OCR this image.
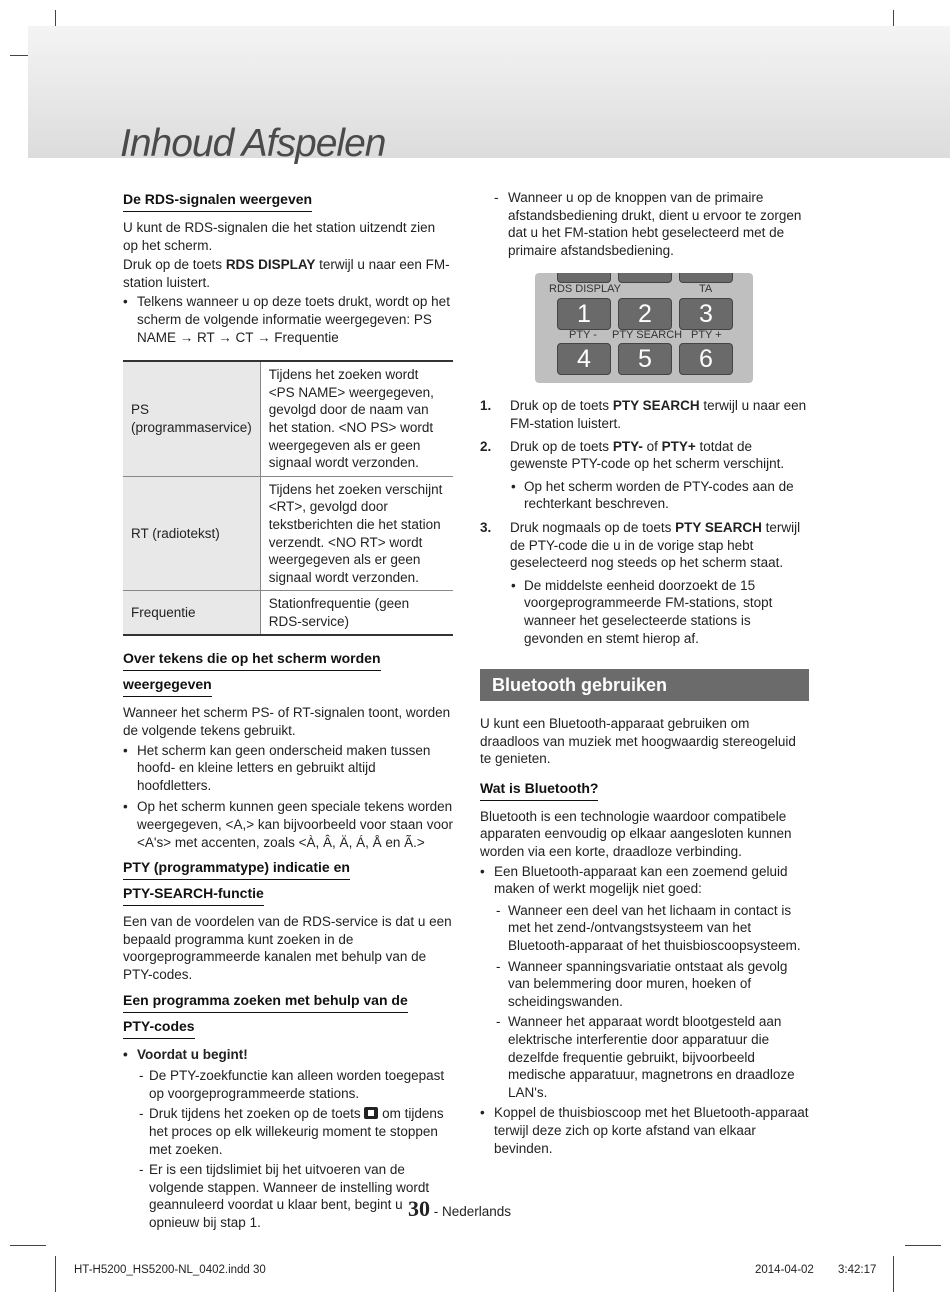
Inhoud Afspelen
De RDS-signalen weergeven

U kunt de RDS-signalen die het station uitzendt zien op het scherm.

Druk op de toets RDS DISPLAY terwijl u naar een FM-station luistert.

• Telkens wanneer u op deze toets drukt, wordt op het scherm de volgende informatie weergegeven: PS NAME → RT → CT → Frequentie
PS (programmaservice)	Tijdens het zoeken wordt <PS NAME> weergegeven, gevolgd door de naam van het station. <NO PS> wordt weergegeven als er geen signaal wordt verzonden.
RT (radiotekst)	Tijdens het zoeken verschijnt <RT>, gevolgd door tekstberichten die het station verzendt. <NO RT> wordt weergegeven als er geen signaal wordt verzonden.
Frequentie	Stationfrequentie (geen RDS-service)
Over tekens die op het scherm worden
weergegeven

Wanneer het scherm PS- of RT-signalen toont, worden de volgende tekens gebruikt.

• Het scherm kan geen onderscheid maken tussen hoofd- en kleine letters en gebruikt altijd hoofdletters.
• Op het scherm kunnen geen speciale tekens worden weergegeven, <A,> kan bijvoorbeeld voor staan voor <A's> met accenten, zoals <À, Â, Ä, Á, Å en Ã.>
PTY (programmatype) indicatie en
PTY-SEARCH-functie

Een van de voordelen van de RDS-service is dat u een bepaald programma kunt zoeken in de voorgeprogrammeerde kanalen met behulp van de PTY-codes.

Een programma zoeken met behulp van de
PTY-codes
• Voordat u begint!
- De PTY-zoekfunctie kan alleen worden toegepast op voorgeprogrammeerde stations.
- Druk tijdens het zoeken op de toets  om tijdens het proces op elk willekeurig moment te stoppen met zoeken.
- Er is een tijdslimiet bij het uitvoeren van de volgende stappen. Wanneer de instelling wordt geannuleerd voordat u klaar bent, begint u opnieuw bij stap 1.
- Wanneer u op de knoppen van de primaire afstandsbediening drukt, dient u ervoor te zorgen dat u het FM-station hebt geselecteerd met de primaire afstandsbediening.
RDS DISPLAY	TA
1	2	3
PTY - PTY SEARCH PTY +
4	5	6
1. Druk op de toets PTY SEARCH terwijl u naar een FM-station luistert.
2. Druk op de toets PTY- of PTY+ totdat de gewenste PTY-code op het scherm verschijnt.
• Op het scherm worden de PTY-codes aan de rechterkant beschreven.
3. Druk nogmaals op de toets PTY SEARCH terwijl de PTY-code die u in de vorige stap hebt geselecteerd nog steeds op het scherm staat.
• De middelste eenheid doorzoekt de 15 voorgeprogrammeerde FM-stations, stopt wanneer het geselecteerde stations is gevonden en stemt hierop af.
Bluetooth gebruiken

U kunt een Bluetooth-apparaat gebruiken om draadloos van muziek met hoogwaardig stereogeluid te genieten.

Wat is Bluetooth?

Bluetooth is een technologie waardoor compatibele apparaten eenvoudig op elkaar aangesloten kunnen worden via een korte, draadloze verbinding.

• Een Bluetooth-apparaat kan een zoemend geluid maken of werkt mogelijk niet goed:
- Wanneer een deel van het lichaam in contact is met het zend-/ontvangstsysteem van het Bluetooth-apparaat of het thuisbioscoopsysteem.
- Wanneer spanningsvariatie ontstaat als gevolg van belemmering door muren, hoeken of scheidingswanden.
- Wanneer het apparaat wordt blootgesteld aan elektrische interferentie door apparatuur die dezelfde frequentie gebruikt, bijvoorbeeld medische apparatuur, magnetrons en draadloze LAN's.
• Koppel de thuisbioscoop met het Bluetooth-apparaat terwijl deze zich op korte afstand van elkaar bevinden.
30 - Nederlands
HT-H5200_HS5200-NL_0402.indd 30	2014-04-02 3:42:17
